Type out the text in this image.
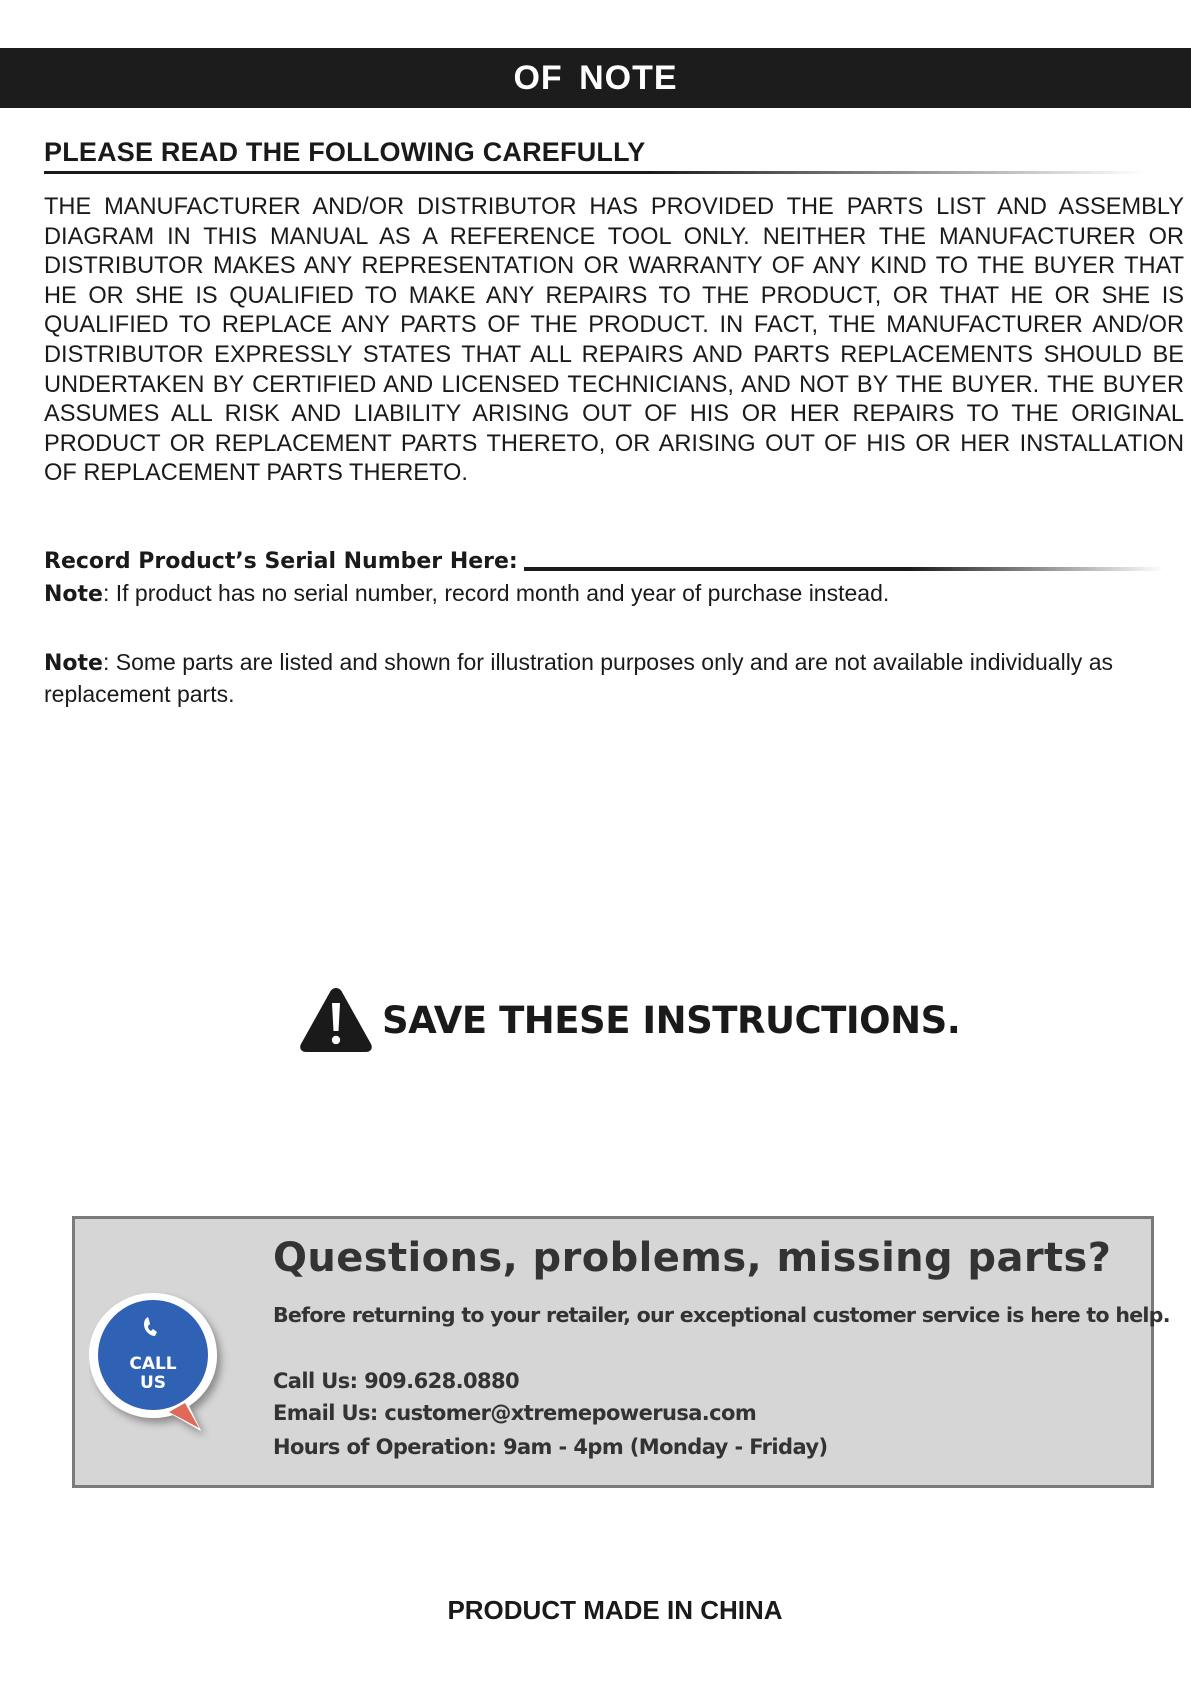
OF NOTE
PLEASE READ THE FOLLOWING CAREFULLY

THE MANUFACTURER AND/OR DISTRIBUTOR HAS PROVIDED THE PARTS LIST AND ASSEMBLY DIAGRAM IN THIS MANUAL AS A REFERENCE TOOL ONLY. NEITHER THE MANUFACTURER OR DISTRIBUTOR MAKES ANY REPRESENTATION OR WARRANTY OF ANY KIND TO THE BUYER THAT HE OR SHE IS QUALIFIED TO MAKE ANY REPAIRS TO THE PRODUCT, OR THAT HE OR SHE IS QUALIFIED TO REPLACE ANY PARTS OF THE PRODUCT. IN FACT, THE MANUFACTURER AND/OR DISTRIBUTOR EXPRESSLY STATES THAT ALL REPAIRS AND PARTS REPLACEMENTS SHOULD BE UNDERTAKEN BY CERTIFIED AND LICENSED TECHNICIANS, AND NOT BY THE BUYER. THE BUYER ASSUMES ALL RISK AND LIABILITY ARISING OUT OF HIS OR HER REPAIRS TO THE ORIGINAL PRODUCT OR REPLACEMENT PARTS THERETO, OR ARISING OUT OF HIS OR HER INSTALLATION OF REPLACEMENT PARTS THERETO.

Record Product’s Serial Number Here:

Note: If product has no serial number, record month and year of purchase instead.

Note: Some parts are listed and shown for illustration purposes only and are not available individually as replacement parts.

SAVE THESE INSTRUCTIONS.
CALL
US
Questions, problems, missing parts?
Before returning to your retailer, our exceptional customer service is here to help.
Call Us: 909.628.0880
Email Us: customer@xtremepowerusa.com
Hours of Operation: 9am - 4pm (Monday - Friday)
PRODUCT MADE IN CHINA
